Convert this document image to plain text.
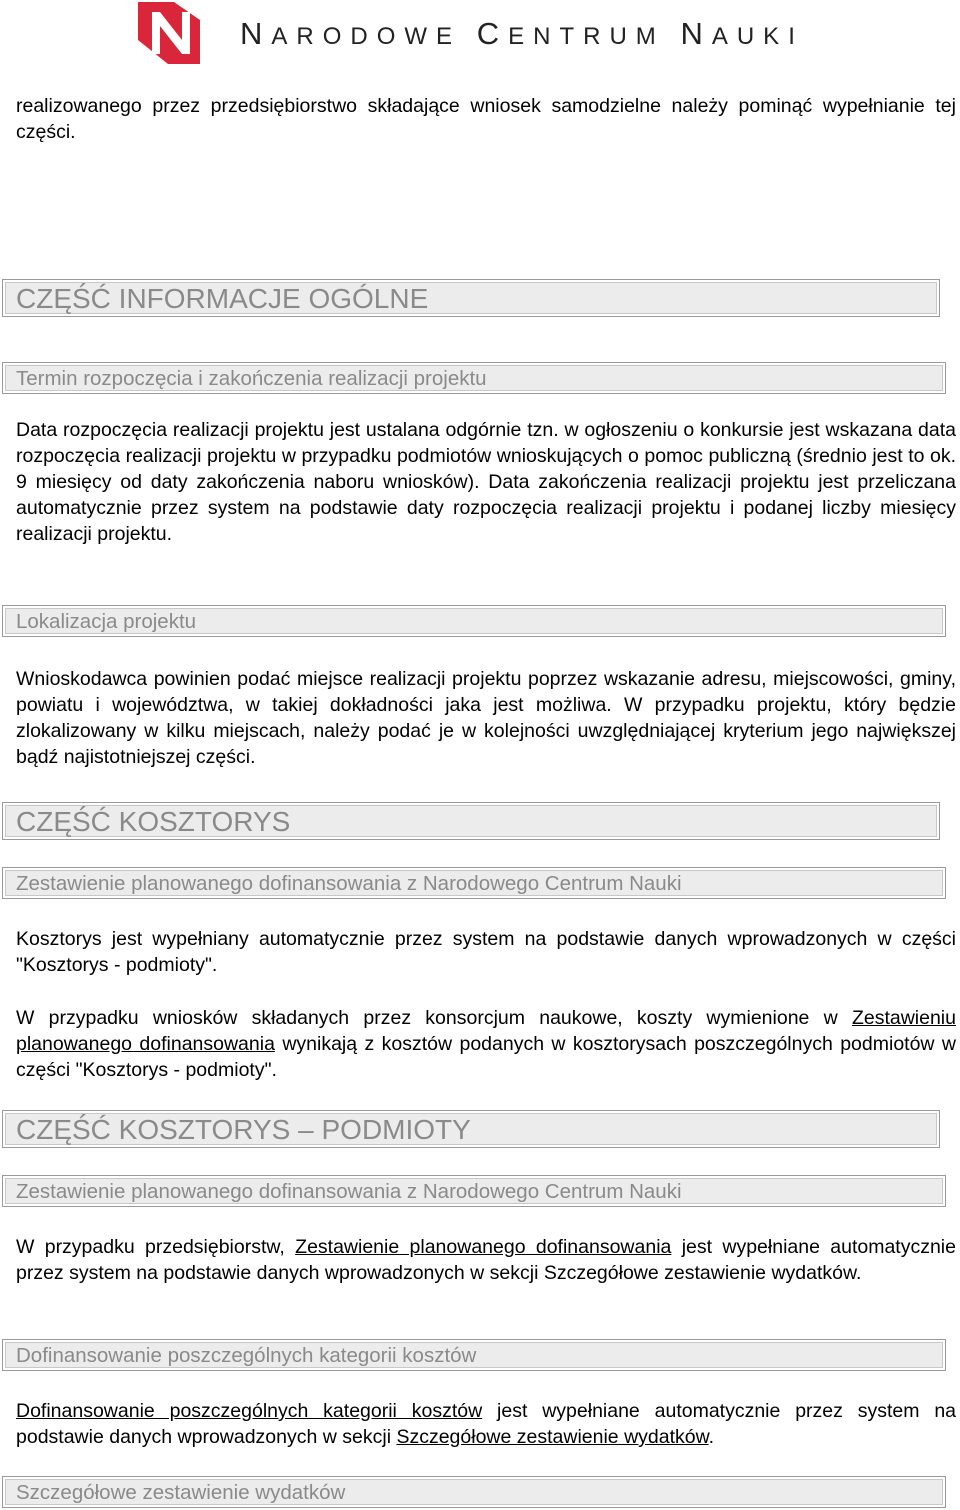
NARODOWE CENTRUM NAUKI

realizowanego przez przedsiębiorstwo składające wniosek samodzielne należy pominąć wypełnianie tej części.

CZĘŚĆ INFORMACJE OGÓLNE
Termin rozpoczęcia i zakończenia realizacji projektu

Data rozpoczęcia realizacji projektu jest ustalana odgórnie tzn. w ogłoszeniu o konkursie jest wskazana data rozpoczęcia realizacji projektu w przypadku podmiotów wnioskujących o pomoc publiczną (średnio jest to ok. 9 miesięcy od daty zakończenia naboru wniosków). Data zakończenia realizacji projektu jest przeliczana automatycznie przez system na podstawie daty rozpoczęcia realizacji projektu i podanej liczby miesięcy realizacji projektu.

Lokalizacja projektu

Wnioskodawca powinien podać miejsce realizacji projektu poprzez wskazanie adresu, miejscowości, gminy, powiatu i województwa, w takiej dokładności jaka jest możliwa. W przypadku projektu, który będzie zlokalizowany w kilku miejscach, należy podać je w kolejności uwzględniającej kryterium jego największej bądź najistotniejszej części.

CZĘŚĆ KOSZTORYS
Zestawienie planowanego dofinansowania z Narodowego Centrum Nauki

Kosztorys jest wypełniany automatycznie przez system na podstawie danych wprowadzonych w części "Kosztorys - podmioty".

W przypadku wniosków składanych przez konsorcjum naukowe, koszty wymienione w Zestawieniu planowanego dofinansowania wynikają z kosztów podanych w kosztorysach poszczególnych podmiotów w części "Kosztorys - podmioty".

CZĘŚĆ KOSZTORYS – PODMIOTY
Zestawienie planowanego dofinansowania z Narodowego Centrum Nauki

W przypadku przedsiębiorstw, Zestawienie planowanego dofinansowania jest wypełniane automatycznie przez system na podstawie danych wprowadzonych w sekcji Szczegółowe zestawienie wydatków.

Dofinansowanie poszczególnych kategorii kosztów

Dofinansowanie poszczególnych kategorii kosztów jest wypełniane automatycznie przez system na podstawie danych wprowadzonych w sekcji Szczegółowe zestawienie wydatków.

Szczegółowe zestawienie wydatków
